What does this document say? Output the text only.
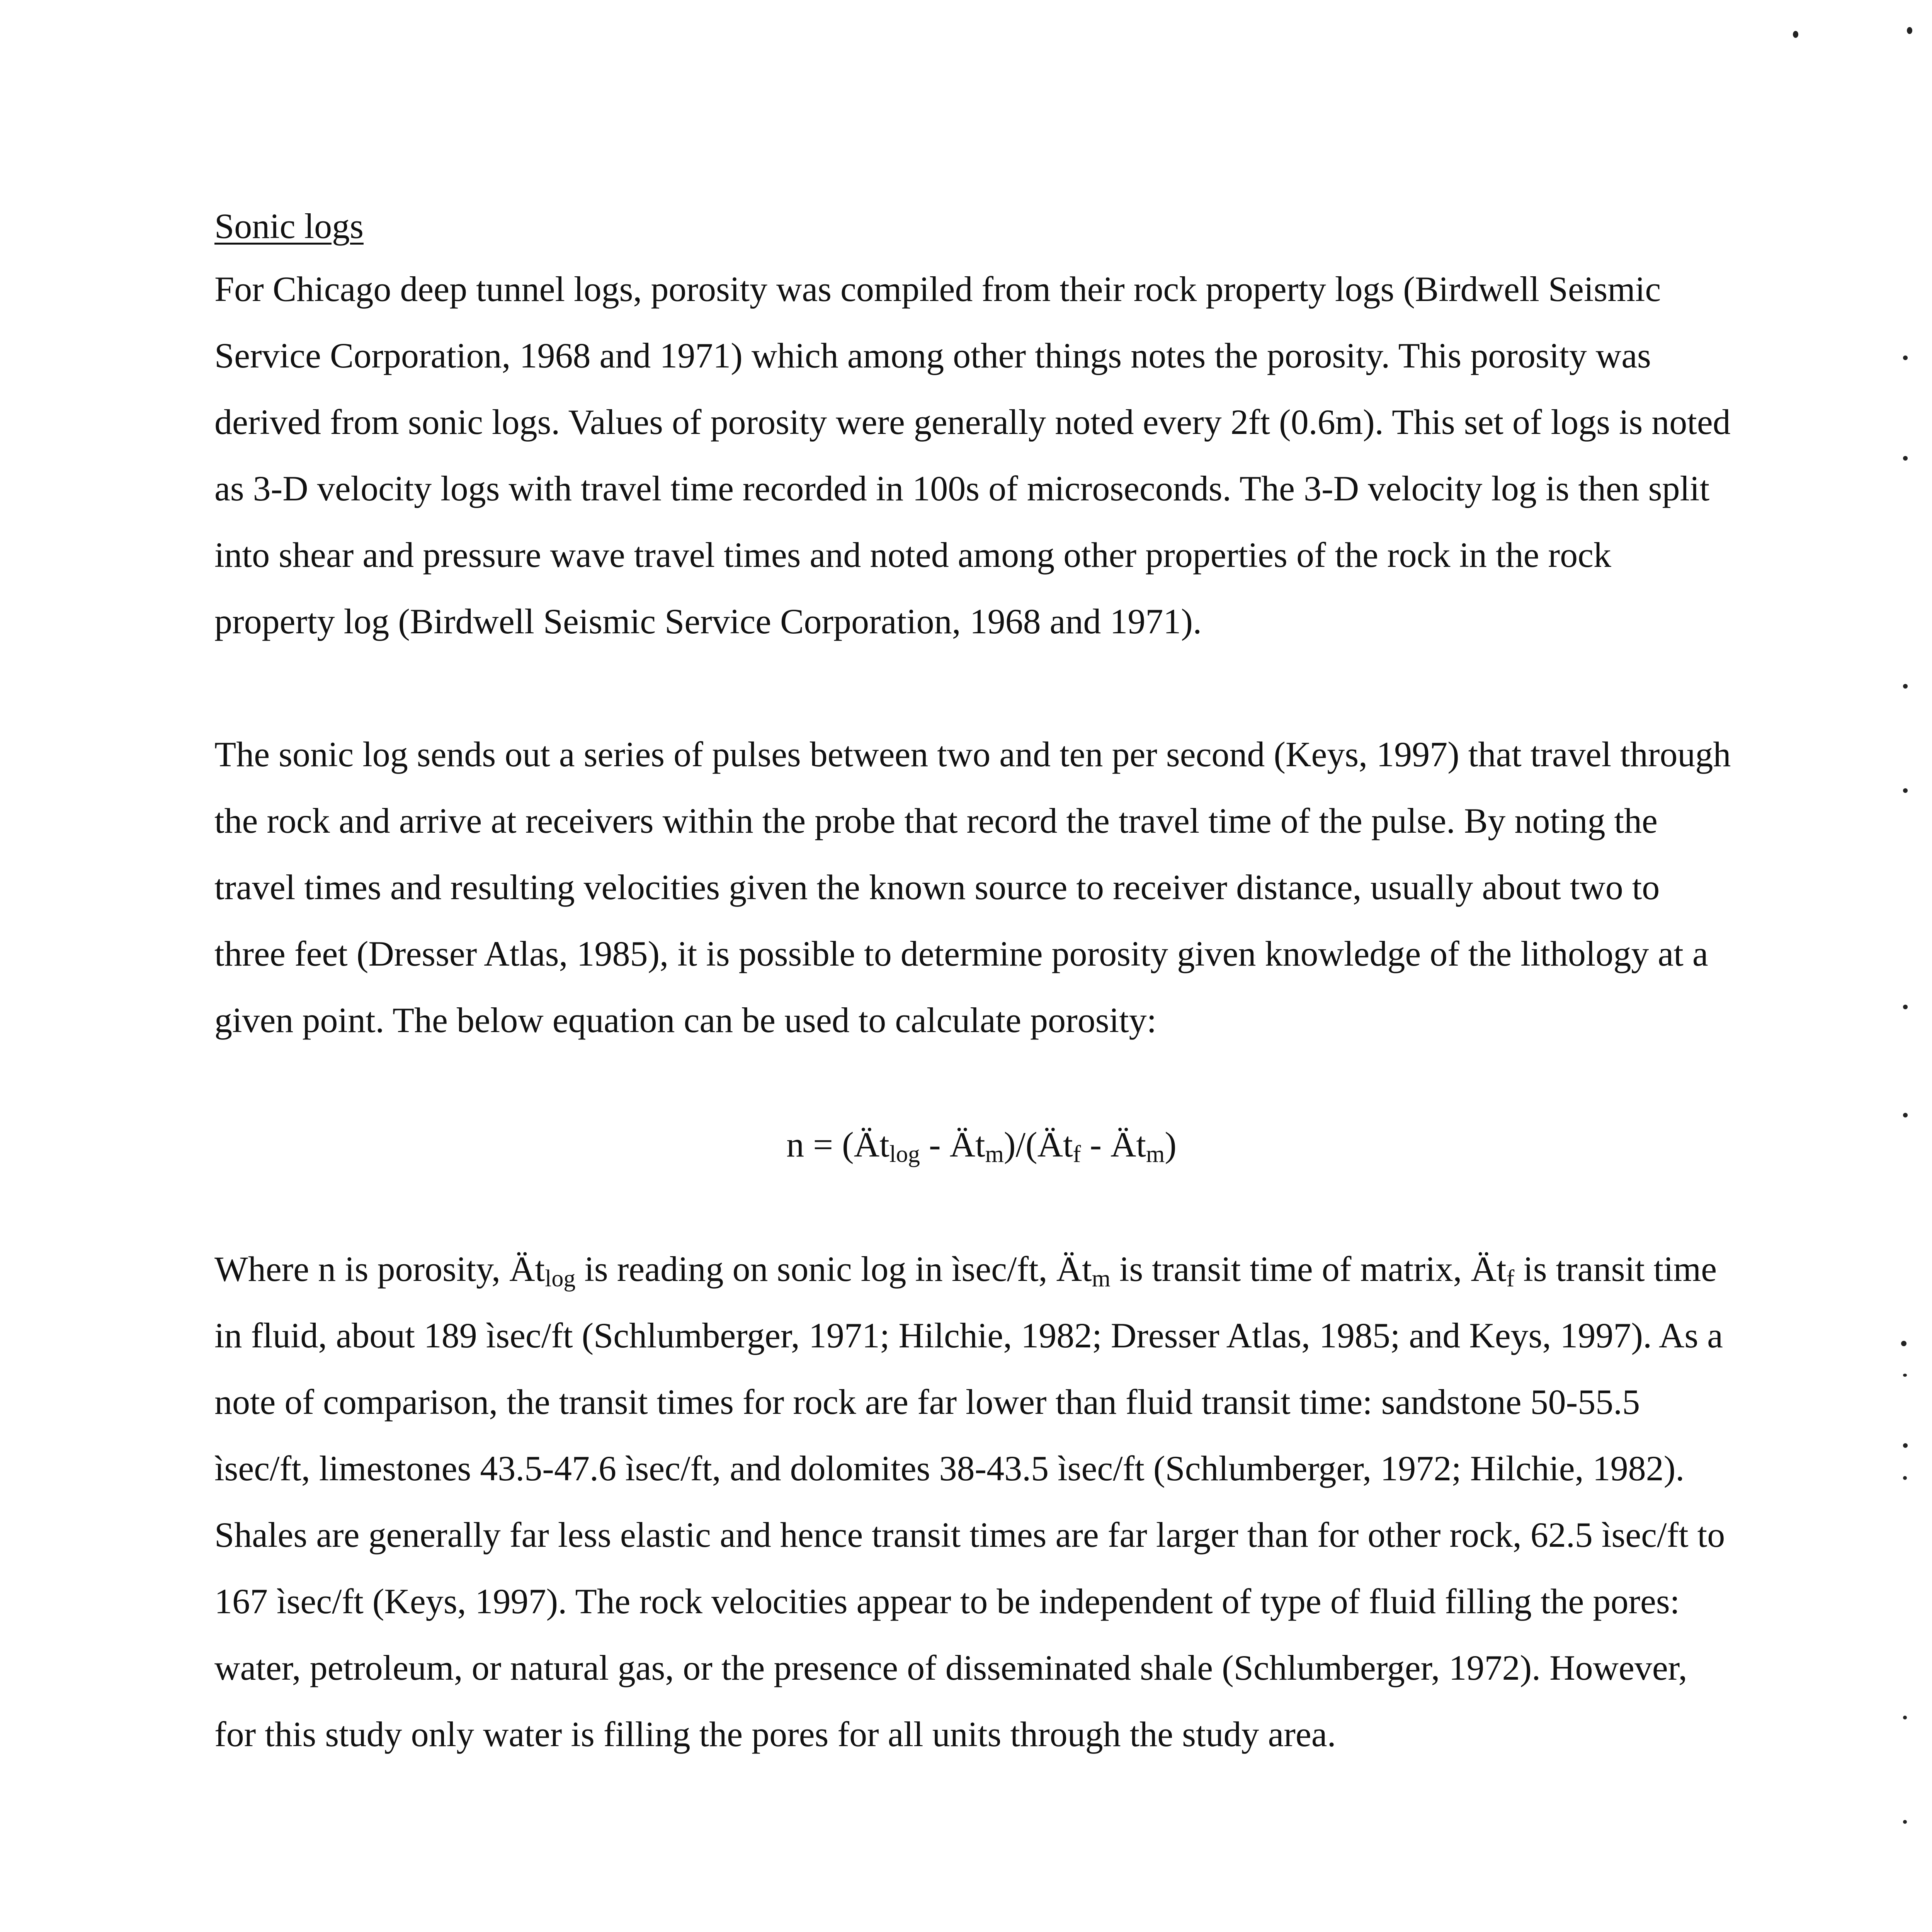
Sonic logs

For Chicago deep tunnel logs, porosity was compiled from their rock property logs (Birdwell Seismic Service Corporation, 1968 and 1971) which among other things notes the porosity. This porosity was derived from sonic logs. Values of porosity were generally noted every 2ft (0.6m). This set of logs is noted as 3-D velocity logs with travel time recorded in 100s of microseconds. The 3-D velocity log is then split into shear and pressure wave travel times and noted among other properties of the rock in the rock property log (Birdwell Seismic Service Corporation, 1968 and 1971).

The sonic log sends out a series of pulses between two and ten per second (Keys, 1997) that travel through the rock and arrive at receivers within the probe that record the travel time of the pulse. By noting the travel times and resulting velocities given the known source to receiver distance, usually about two to three feet (Dresser Atlas, 1985), it is possible to determine porosity given knowledge of the lithology at a given point. The below equation can be used to calculate porosity:

$n = (Ät_{log}$ - $Ät_m)/(Ät_f$ - $Ät_m$)

Where n is porosity, $Ät_{log}$ is reading on sonic log in ìsec/ft, $Ät_m$ is transit time of matrix, $Ät_f$ is transit time in fluid, about 189 ìsec/ft (Schlumberger, 1971; Hilchie, 1982; Dresser Atlas, 1985; and Keys, 1997). As a note of comparison, the transit times for rock are far lower than fluid transit time: sandstone 50-55.5 ìsec/ft, limestones 43.5-47.6 ìsec/ft, and dolomites 38-43.5 ìsec/ft (Schlumberger, 1972; Hilchie, 1982). Shales are generally far less elastic and hence transit times are far larger than for other rock, 62.5 ìsec/ft to 167 ìsec/ft (Keys, 1997). The rock velocities appear to be independent of type of fluid filling the pores: water, petroleum, or natural gas, or the presence of disseminated shale (Schlumberger, 1972). However, for this study only water is filling the pores for all units through the study area.
